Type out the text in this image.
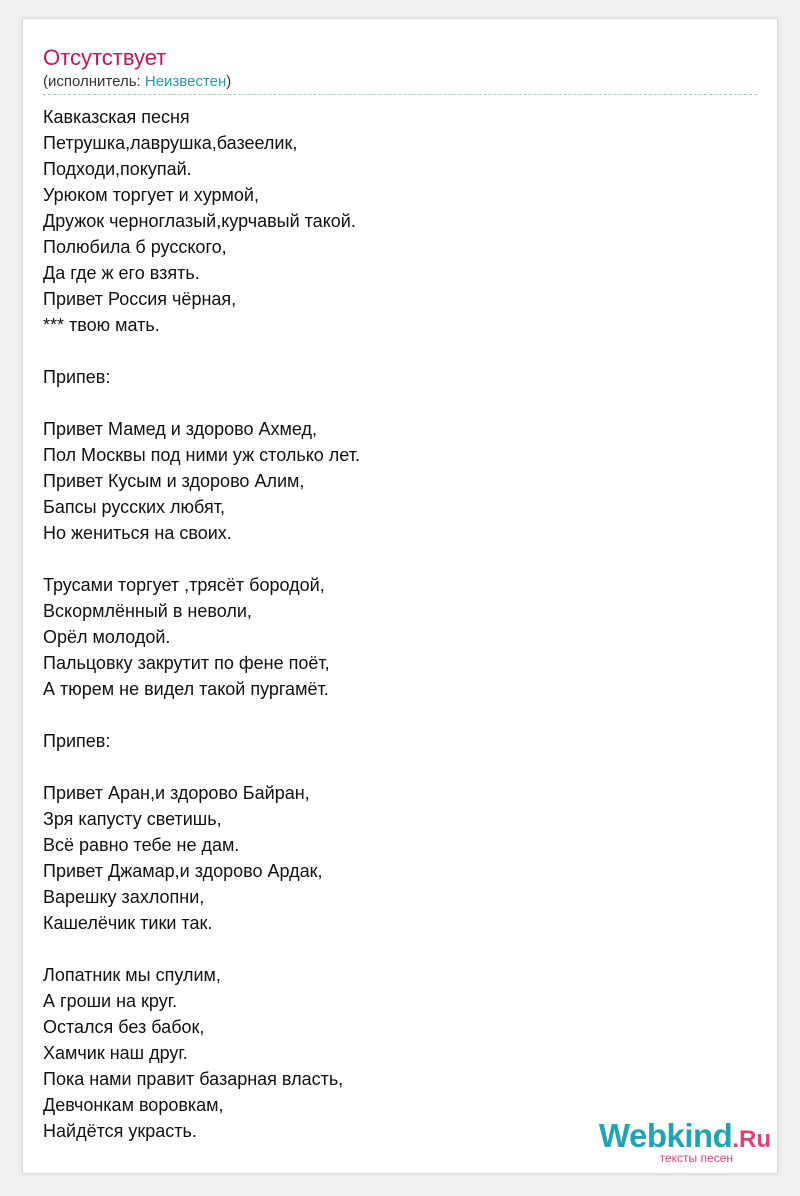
Отсутствует
(исполнитель: Неизвестен)
Кавказская песня
Петрушка,лаврушка,базеелик,
Подходи,покупай.
Урюком торгует и хурмой,
Дружок черноглазый,курчавый такой.
Полюбила б русского,
Да где ж его взять.
Привет Россия чёрная,
*** твою мать.
Припев:
Привет Мамед и здорово Ахмед,
Пол Москвы под ними уж столько лет.
Привет Кусым и здорово Алим,
Бапсы русских любят,
Но жениться на своих.
Трусами торгует ,трясёт бородой,
Вскормлённый в неволи,
Орёл молодой.
Пальцовку закрутит по фене поёт,
А тюрем не видел такой пургамёт.
Припев:
Привет Аран,и здорово Байран,
Зря капусту светишь,
Всё равно тебе не дам.
Привет Джамар,и здорово Ардак,
Варешку захлопни,
Кашелёчик тики так.
Лопатник мы спулим,
А гроши на круг.
Остался без бабок,
Хамчик наш друг.
Пока нами правит базарная власть,
Девчонкам воровкам,
Найдётся украсть.	Webkind.Ru
тексты песен
